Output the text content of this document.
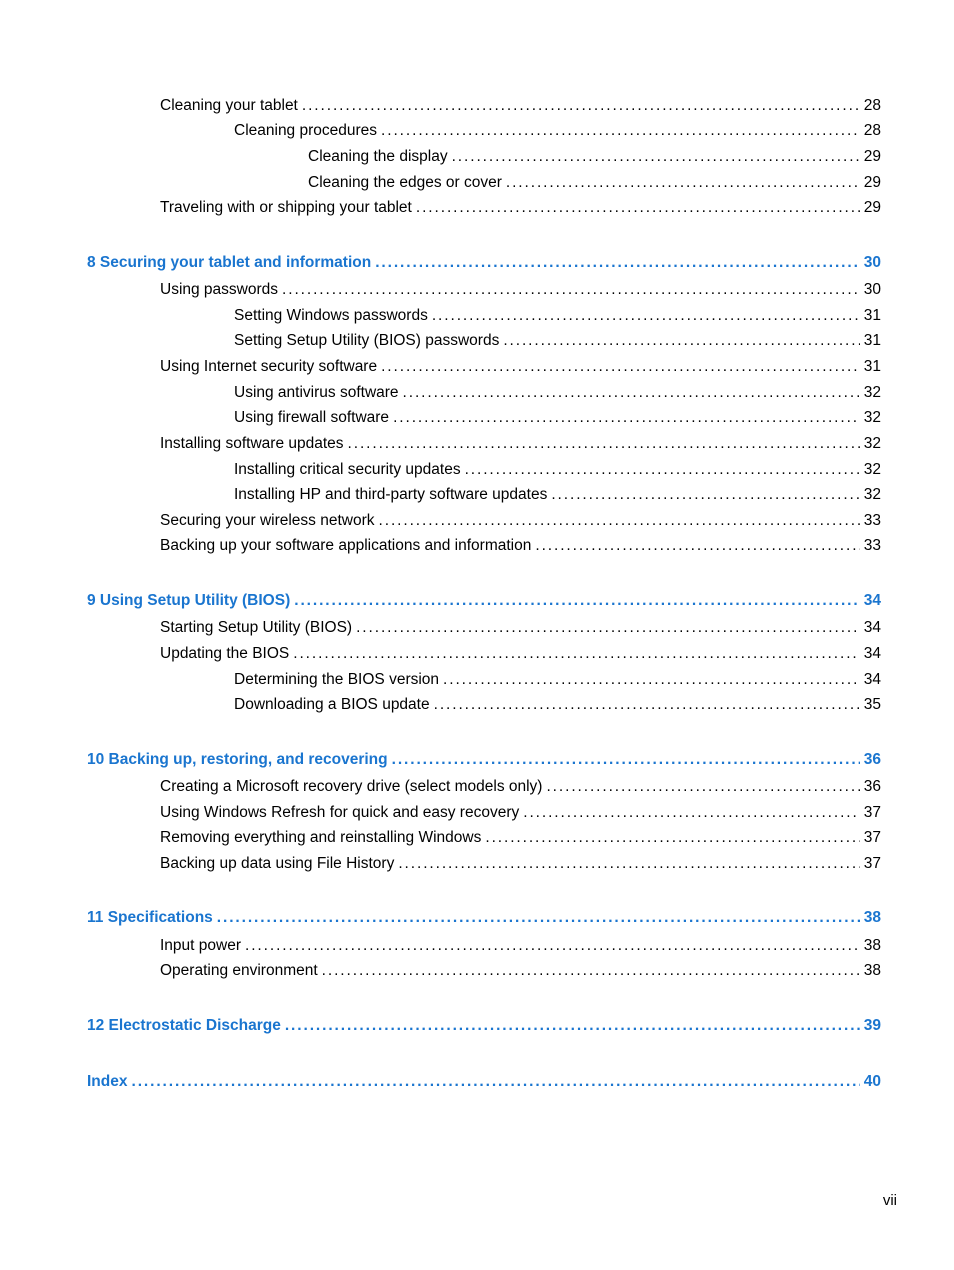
Cleaning your tablet . . .	28
Cleaning procedures . . .	28
Cleaning the display . . .	29
Cleaning the edges or cover . . .	29
Traveling with or shipping your tablet . . .	29
8 Securing your tablet and information . . .	30
Using passwords . . .	30
Setting Windows passwords . . .	31
Setting Setup Utility (BIOS) passwords . . .	31
Using Internet security software . . .	31
Using antivirus software . . .	32
Using firewall software . . .	32
Installing software updates . . .	32
Installing critical security updates . . .	32
Installing HP and third-party software updates . . .	32
Securing your wireless network . . .	33
Backing up your software applications and information . . .	33
9 Using Setup Utility (BIOS) . . .	34
Starting Setup Utility (BIOS) . . .	34
Updating the BIOS . . .	34
Determining the BIOS version . . .	34
Downloading a BIOS update . . .	35
10 Backing up, restoring, and recovering . . .	36
Creating a Microsoft recovery drive (select models only) . . .	36
Using Windows Refresh for quick and easy recovery . . .	37
Removing everything and reinstalling Windows . . .	37
Backing up data using File History . . .	37
11 Specifications . . .	38
Input power . . .	38
Operating environment . . .	38
12 Electrostatic Discharge . . .	39
Index . . .	40
vii
